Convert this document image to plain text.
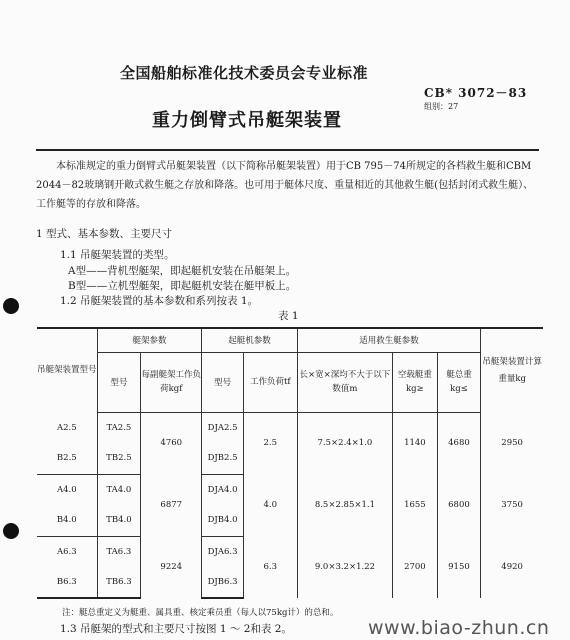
全国船舶标准化技术委员会专业标准
CB* 3072－83
组别：27
重力倒臂式吊艇架装置
本标准规定的重力倒臂式吊艇架装置（以下简称吊艇架装置）用于CB 795－74所规定的各档救生艇和CBM 2044－82玻璃钢开敞式救生艇之存放和降落。也可用于艇体尺度、重量相近的其他救生艇(包括封闭式救生艇）、工作艇等的存放和降落。
1 型式、基本参数、主要尺寸
1.1 吊艇架装置的类型。
A型——背机型艇架，即起艇机安装在吊艇架上。
B型——立机型艇架，即起艇机安装在艇甲板上。
1.2 吊艇架装置的基本参数和系列按表 1。
表 1
吊艇架装置型号	艇架参数		起艇机参数		适用救生艇参数			吊艇架装置计算重量kg
	型号	每副艇架工作负荷kgf	型号	工作负荷tf	长×宽×深均不大于以下数值m	空载艇重kg≥	艇总重kg≤	
A2.5	TA2.5	4760	DJA2.5	2.5	7.5×2.4×1.0	1140	4680	2950
B2.5	TB2.5		DJB2.5					
A4.0	TA4.0	6877	DJA4.0	4.0	8.5×2.85×1.1	1655	6800	3750
B4.0	TB4.0		DJB4.0					
A6.3	TA6.3	9224	DJA6.3	6.3	9.0×3.2×1.22	2700	9150	4920
B6.3	TB6.3		DJB6.3					
注：艇总重定义为艇重、属具重、核定乘员重（每人以75kg计）的总和。
1.3 吊艇架的型式和主要尺寸按图 1 ～ 2和表 2。	www.biao-zhun.cn
